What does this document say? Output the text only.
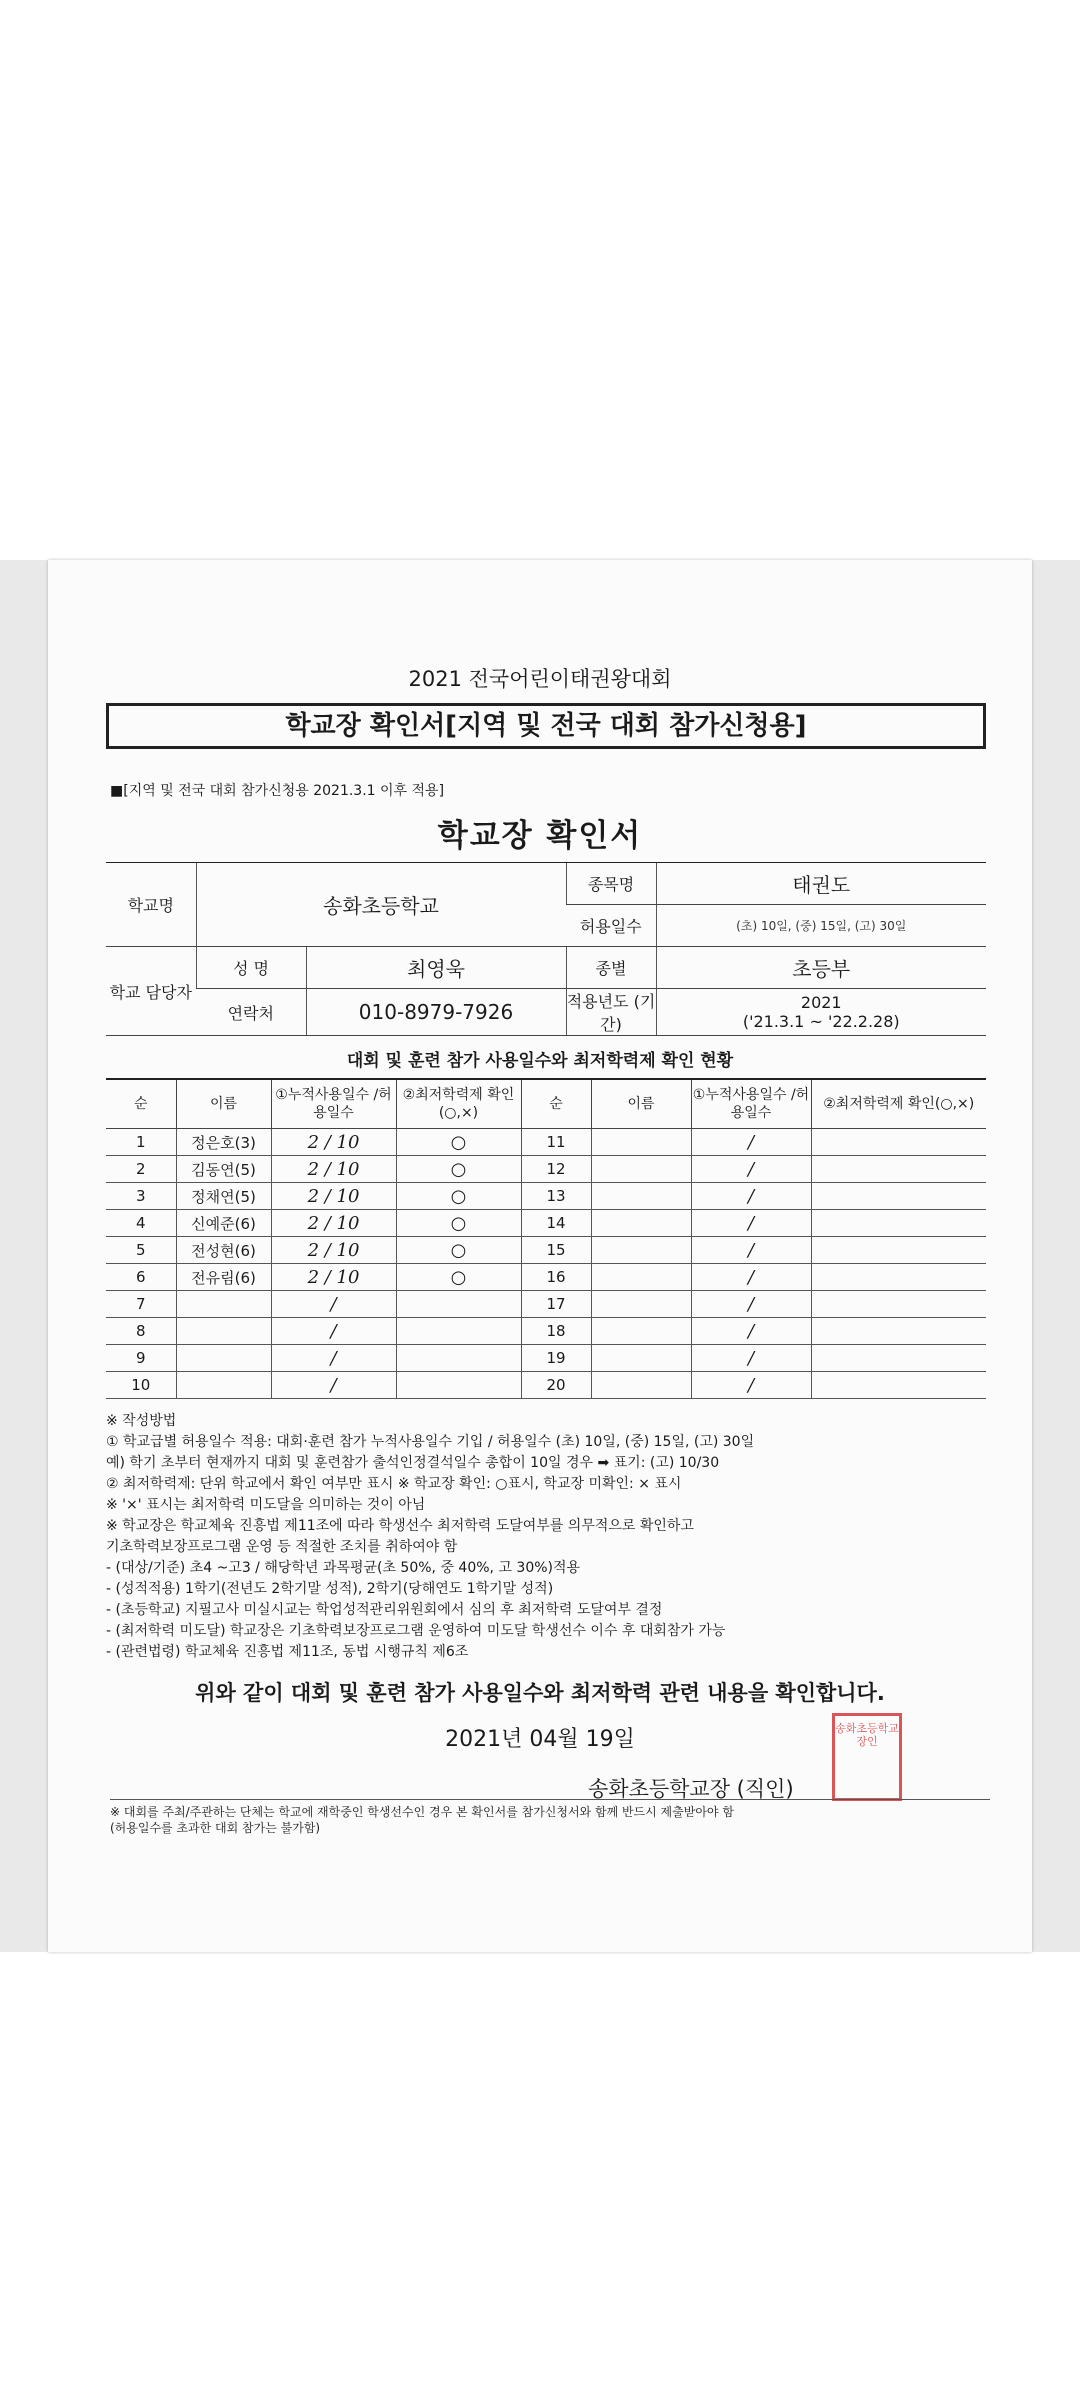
2021 전국어린이태권왕대회
학교장 확인서[지역 및 전국 대회 참가신청용]
■[지역 및 전국 대회 참가신청용 2021.3.1 이후 적용]
학교장 확인서
학교명	송화초등학교		종목명	태권도
			허용일수	(초) 10일, (중) 15일, (고) 30일
학교 담당자	성 명	최영욱	종별	초등부
	연락처	010-8979-7926	적용년도 (기간)	2021
('21.3.1 ~ '22.2.28)
대회 및 훈련 참가 사용일수와 최저학력제 확인 현황
순	이름	①누적사용일수 /허용일수	②최저학력제 확인(○,×)	순	이름	①누적사용일수 /허용일수	②최저학력제 확인(○,×)
1	정은호(3)	2 / 10	○	11		/	
2	김동연(5)	2 / 10	○	12		/	
3	정채연(5)	2 / 10	○	13		/	
4	신예준(6)	2 / 10	○	14		/	
5	전성현(6)	2 / 10	○	15		/	
6	전유림(6)	2 / 10	○	16		/	
7		/		17		/	
8		/		18		/	
9		/		19		/	
10		/		20		/	
※ 작성방법
① 학교급별 허용일수 적용: 대회·훈련 참가 누적사용일수 기입 / 허용일수 (초) 10일, (중) 15일, (고) 30일
예) 학기 초부터 현재까지 대회 및 훈련참가 출석인정결석일수 총합이 10일 경우 ➡ 표기: (고) 10/30
② 최저학력제: 단위 학교에서 확인 여부만 표시 ※ 학교장 확인: ○표시, 학교장 미확인: × 표시
※ '×' 표시는 최저학력 미도달을 의미하는 것이 아님
※ 학교장은 학교체육 진흥법 제11조에 따라 학생선수 최저학력 도달여부를 의무적으로 확인하고
기초학력보장프로그램 운영 등 적절한 조치를 취하여야 함
- (대상/기준) 초4 ~고3 / 해당학년 과목평균(초 50%, 중 40%, 고 30%)적용
- (성적적용) 1학기(전년도 2학기말 성적), 2학기(당해연도 1학기말 성적)
- (초등학교) 지필고사 미실시교는 학업성적관리위원회에서 심의 후 최저학력 도달여부 결정
- (최저학력 미도달) 학교장은 기초학력보장프로그램 운영하여 미도달 학생선수 이수 후 대회참가 가능
- (관련법령) 학교체육 진흥법 제11조, 동법 시행규칙 제6조
위와 같이 대회 및 훈련 참가 사용일수와 최저학력 관련 내용을 확인합니다.
2021년 04월 19일
송화초등학교장 (직인)
송화초등학교장인
※ 대회를 주최/주관하는 단체는 학교에 재학중인 학생선수인 경우 본 확인서를 참가신청서와 함께 반드시 제출받아야 함
(허용일수를 초과한 대회 참가는 불가함)
